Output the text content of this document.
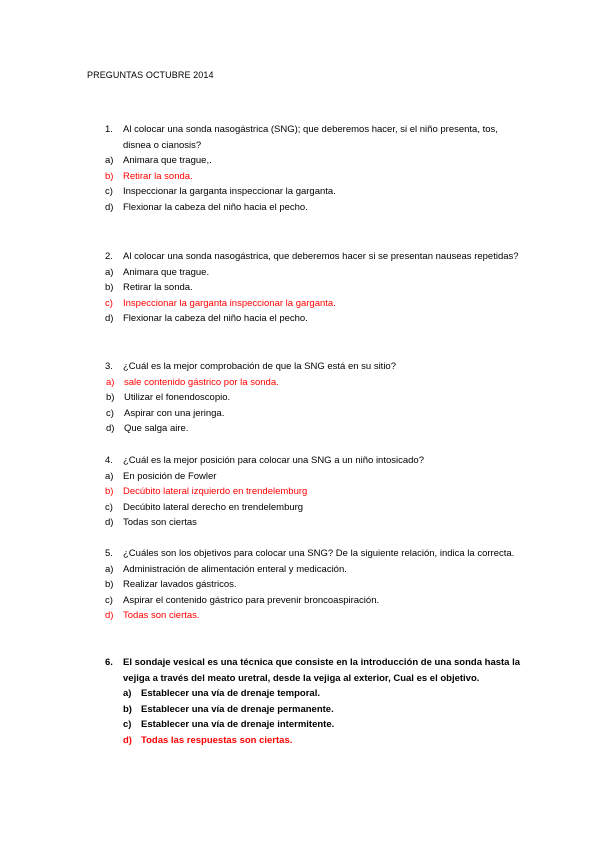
PREGUNTAS OCTUBRE 2014
1.	Al colocar una sonda nasogástrica (SNG); que deberemos hacer, si el niño presenta, tos, disnea o cianosis?
a) Animara que trague,.
b) Retirar la sonda.
c) Inspeccionar la garganta inspeccionar la garganta.
d) Flexionar la cabeza del niño hacia el pecho.
2.	Al colocar una sonda nasogástrica, que deberemos hacer si se presentan nauseas repetidas?
a) Animara que trague.
b) Retirar la sonda.
c) Inspeccionar la garganta inspeccionar la garganta.
d) Flexionar la cabeza del niño hacia el pecho.
3.	¿Cuál es la mejor comprobación de que la SNG está en su sitio?
a) sale contenido gástrico por la sonda.
b) Utilizar el fonendoscopio.
c) Aspirar con una jeringa.
d) Que salga aire.
4.	¿Cuál es la mejor posición para colocar una SNG a un niño intosicado?
a) En posición de Fowler
b) Decúbito lateral izquierdo en trendelemburg
c) Decúbito lateral derecho en trendelemburg
d) Todas son ciertas
5.	¿Cuáles son los objetivos para colocar una SNG? De la siguiente relación, indica la correcta.
a) Administración de alimentación enteral y medicación.
b) Realizar lavados gástricos.
c) Aspirar el contenido gástrico para prevenir broncoaspiración.
d) Todas son ciertas.
6.	El sondaje vesical es una técnica que consiste en la introducción de una sonda hasta la vejiga a través del meato uretral, desde la vejiga al exterior, Cual es el objetivo.
a) Establecer una vía de drenaje temporal.
b) Establecer una vía de drenaje permanente.
c) Establecer una vía de drenaje intermitente.
d) Todas las respuestas son ciertas.
